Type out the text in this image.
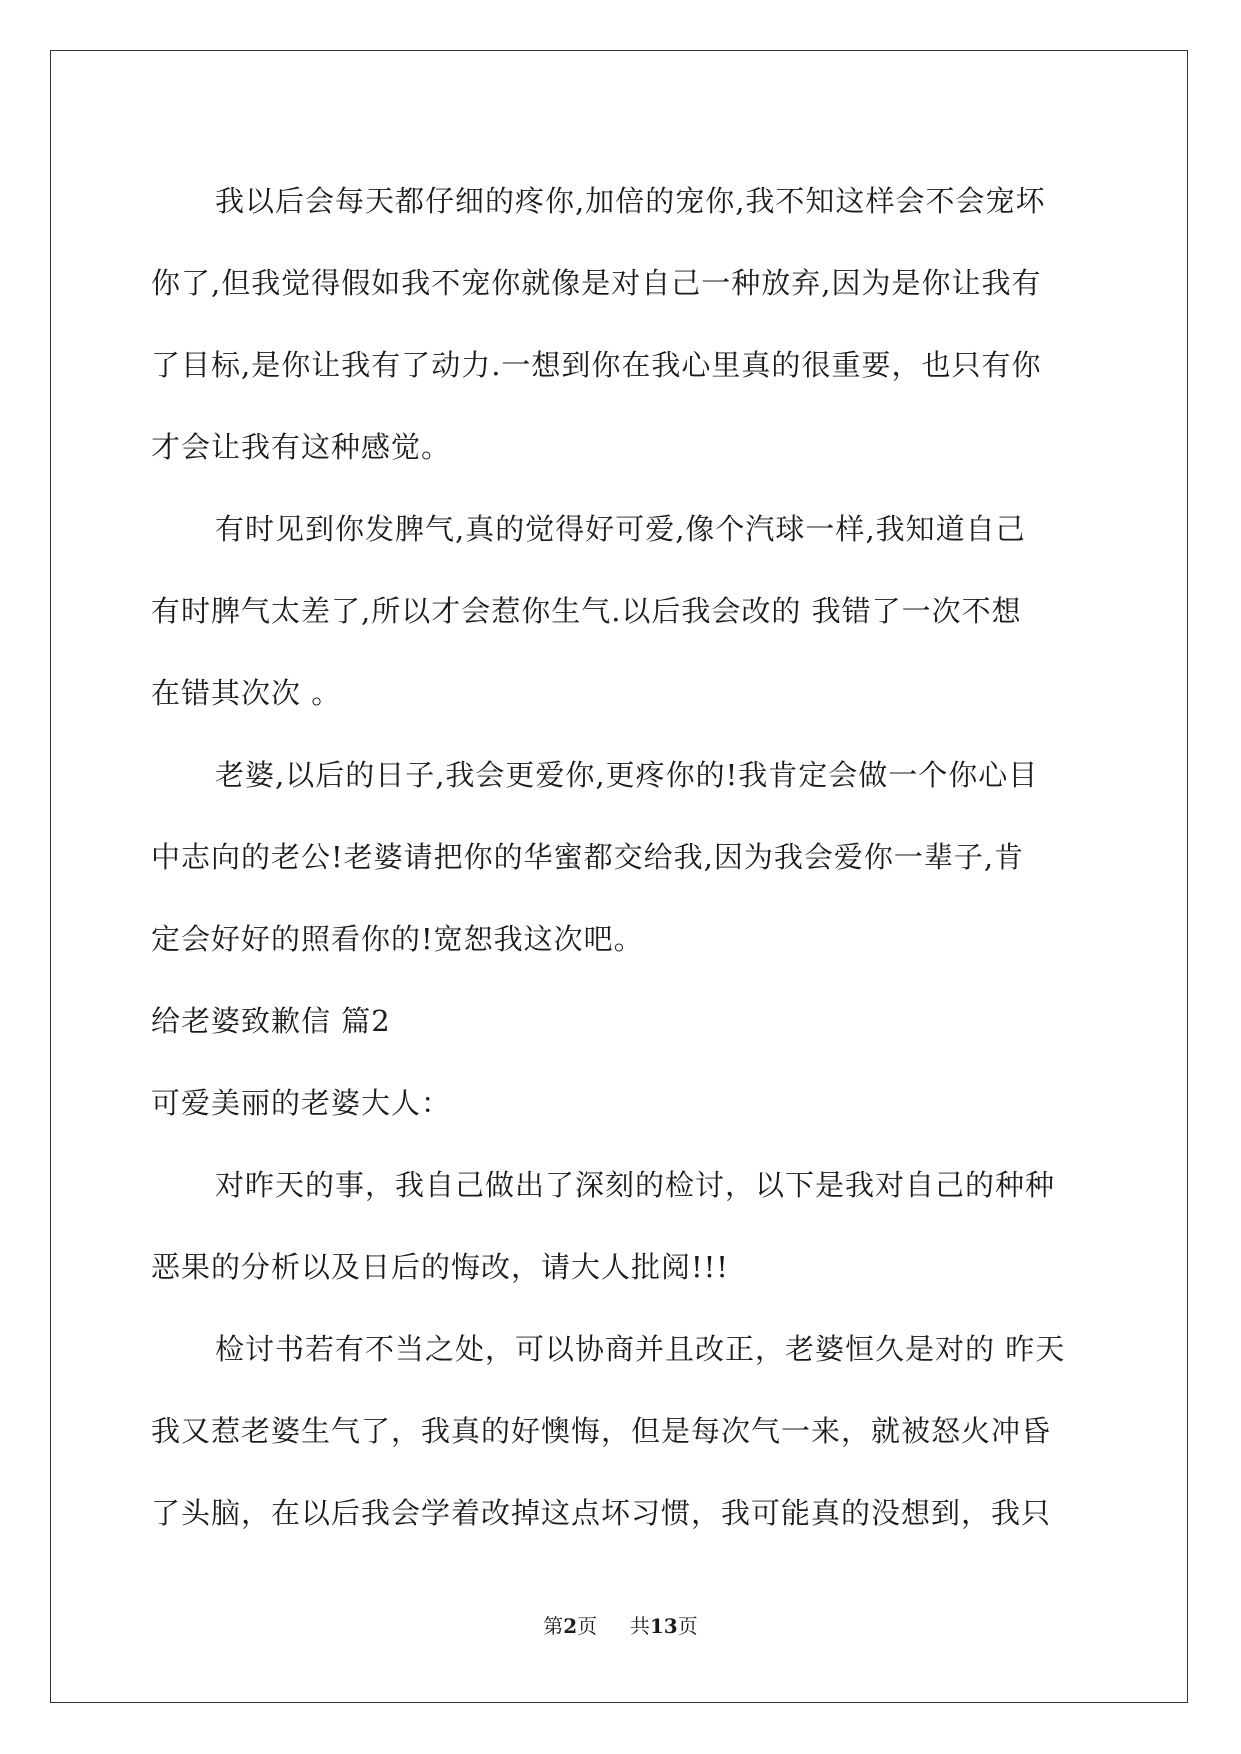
我以后会每天都仔细的疼你,加倍的宠你,我不知这样会不会宠坏
你了,但我觉得假如我不宠你就像是对自己一种放弃,因为是你让我有
了目标,是你让我有了动力.一想到你在我心里真的很重要，也只有你
才会让我有这种感觉。
有时见到你发脾气,真的觉得好可爱,像个汽球一样,我知道自己
有时脾气太差了,所以才会惹你生气.以后我会改的 我错了一次不想
在错其次次 。
老婆,以后的日子,我会更爱你,更疼你的!我肯定会做一个你心目
中志向的老公!老婆请把你的华蜜都交给我,因为我会爱你一辈子,肯
定会好好的照看你的!宽恕我这次吧。
给老婆致歉信 篇2
可爱美丽的老婆大人：
对昨天的事，我自己做出了深刻的检讨，以下是我对自己的种种
恶果的分析以及日后的悔改，请大人批阅!!!
检讨书若有不当之处，可以协商并且改正，老婆恒久是对的 昨天
我又惹老婆生气了，我真的好懊悔，但是每次气一来，就被怒火冲昏
了头脑，在以后我会学着改掉这点坏习惯，我可能真的没想到，我只
第2页 共13页
